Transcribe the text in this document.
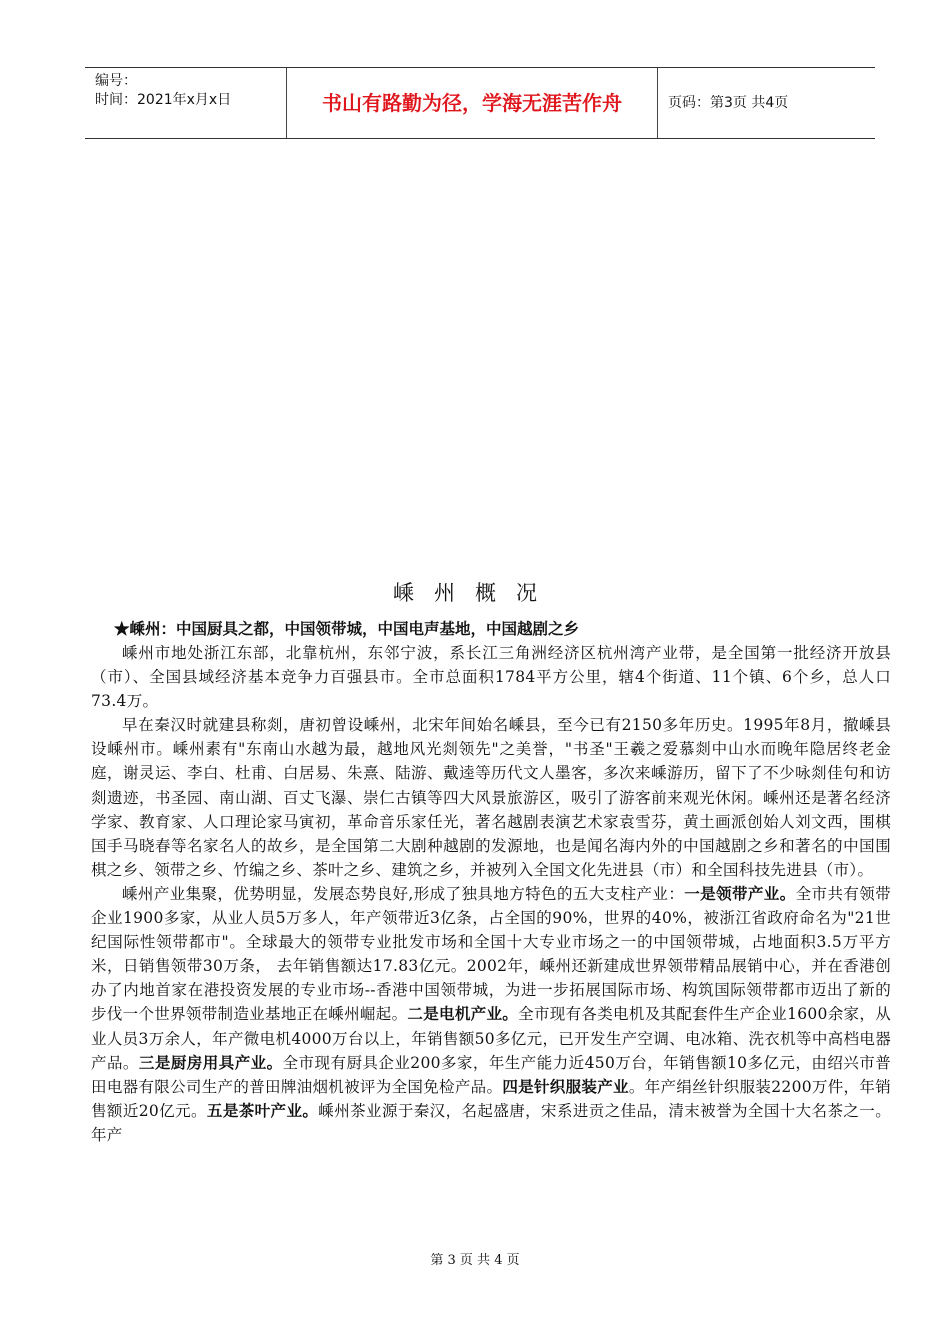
编号：
时间：2021年x月x日	书山有路勤为径，学海无涯苦作舟	页码：第3页 共4页
嵊州概况
★嵊州：中国厨具之都，中国领带城，中国电声基地，中国越剧之乡

嵊州市地处浙江东部，北靠杭州，东邻宁波，系长江三角洲经济区杭州湾产业带，是全国第一批经济开放县（市）、全国县域经济基本竞争力百强县市。全市总面积1784平方公里，辖4个街道、11个镇、6个乡，总人口73.4万。

早在秦汉时就建县称剡，唐初曾设嵊州，北宋年间始名嵊县，至今已有2150多年历史。1995年8月，撤嵊县设嵊州市。嵊州素有"东南山水越为最，越地风光剡领先"之美誉，"书圣"王羲之爱慕剡中山水而晚年隐居终老金庭，谢灵运、李白、杜甫、白居易、朱熹、陆游、戴逵等历代文人墨客，多次来嵊游历，留下了不少咏剡佳句和访剡遗迹，书圣园、南山湖、百丈飞瀑、崇仁古镇等四大风景旅游区，吸引了游客前来观光休闲。嵊州还是著名经济学家、教育家、人口理论家马寅初，革命音乐家任光，著名越剧表演艺术家袁雪芬，黄土画派创始人刘文西，围棋国手马晓春等名家名人的故乡，是全国第二大剧种越剧的发源地，也是闻名海内外的中国越剧之乡和著名的中国围棋之乡、领带之乡、竹编之乡、茶叶之乡、建筑之乡，并被列入全国文化先进县（市）和全国科技先进县（市）。

嵊州产业集聚，优势明显，发展态势良好,形成了独具地方特色的五大支柱产业：一是领带产业。全市共有领带企业1900多家，从业人员5万多人，年产领带近3亿条，占全国的90%，世界的40%，被浙江省政府命名为"21世纪国际性领带都市"。全球最大的领带专业批发市场和全国十大专业市场之一的中国领带城，占地面积3.5万平方米，日销售领带30万条， 去年销售额达17.83亿元。2002年，嵊州还新建成世界领带精品展销中心，并在香港创办了内地首家在港投资发展的专业市场--香港中国领带城，为进一步拓展国际市场、构筑国际领带都市迈出了新的步伐一个世界领带制造业基地正在嵊州崛起。二是电机产业。全市现有各类电机及其配套件生产企业1600余家，从业人员3万余人，年产微电机4000万台以上，年销售额50多亿元，已开发生产空调、电冰箱、洗衣机等中高档电器产品。三是厨房用具产业。全市现有厨具企业200多家，年生产能力近450万台，年销售额10多亿元，由绍兴市普田电器有限公司生产的普田牌油烟机被评为全国免检产品。四是针织服装产业。年产绢丝针织服装2200万件，年销售额近20亿元。五是茶叶产业。嵊州茶业源于秦汉，名起盛唐，宋系进贡之佳品，清末被誉为全国十大名茶之一。年产

第 3 页 共 4 页
